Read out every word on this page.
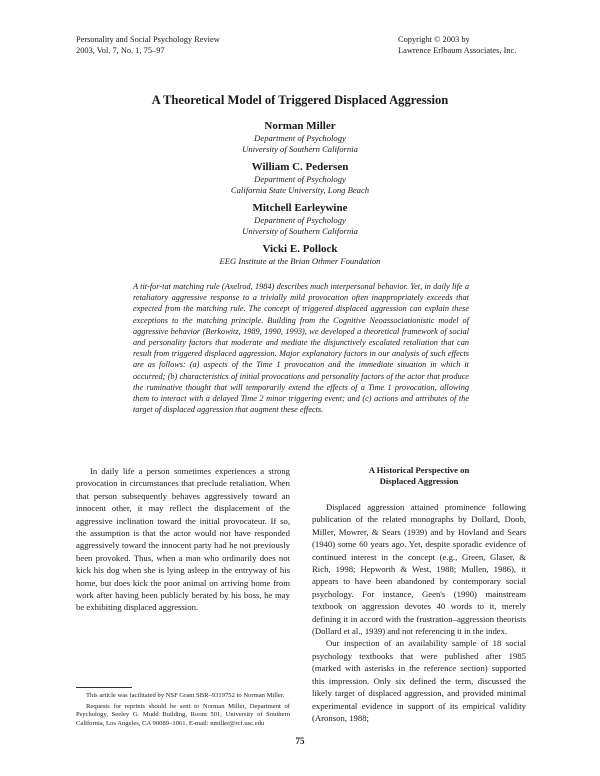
Personality and Social Psychology Review
2003, Vol. 7, No. 1, 75–97
Copyright © 2003 by
Lawrence Erlbaum Associates, Inc.
A Theoretical Model of Triggered Displaced Aggression
Norman Miller
Department of Psychology
University of Southern California
William C. Pedersen
Department of Psychology
California State University, Long Beach
Mitchell Earleywine
Department of Psychology
University of Southern California
Vicki E. Pollock
EEG Institute at the Brian Othmer Foundation
A tit-for-tat matching rule (Axelrod, 1984) describes much interpersonal behavior. Yet, in daily life a retaliatory aggressive response to a trivially mild provocation often inappropriately exceeds that expected from the matching rule. The concept of triggered displaced aggression can explain these exceptions to the matching principle. Building from the Cognitive Neoassociationistic model of aggressive behavior (Berkowitz, 1989, 1990, 1993), we developed a theoretical framework of social and personality factors that moderate and mediate the disjunctively escalated retaliation that can result from triggered displaced aggression. Major explanatory factors in our analysis of such effects are as follows: (a) aspects of the Time 1 provocation and the immediate situation in which it occurred; (b) characteristics of initial provocations and personality factors of the actor that produce the ruminative thought that will temporarily extend the effects of a Time 1 provocation, allowing them to interact with a delayed Time 2 minor triggering event; and (c) actions and attributes of the target of displaced aggression that augment these effects.

In daily life a person sometimes experiences a strong provocation in circumstances that preclude retaliation. When that person subsequently behaves aggressively toward an innocent other, it may reflect the displacement of the aggressive inclination toward the initial provocateur. If so, the assumption is that the actor would not have responded aggressively toward the innocent party had he not previously been provoked. Thus, when a man who ordinarily does not kick his dog when she is lying asleep in the entryway of his home, but does kick the poor animal on arriving home from work after having been publicly berated by his boss, he may be exhibiting displaced aggression.

A Historical Perspective on
Displaced Aggression

Displaced aggression attained prominence following publication of the related monographs by Dollard, Doob, Miller, Mowrer, & Sears (1939) and by Hovland and Sears (1940) some 60 years ago. Yet, despite sporadic evidence of continued interest in the concept (e.g., Green, Glaser, & Rich, 1998; Hepworth & West, 1988; Mullen, 1986), it appears to have been abandoned by contemporary social psychology. For instance, Geen's (1990) mainstream textbook on aggression devotes 40 words to it, merely defining it in accord with the frustration–aggression theorists (Dollard et al., 1939) and not referencing it in the index.

Our inspection of an availability sample of 18 social psychology textbooks that were published after 1985 (marked with asterisks in the reference section) supported this impression. Only six defined the term, discussed the likely target of displaced aggression, and provided minimal experimental evidence in support of its empirical validity (Aronson, 1988;

This article was facilitated by NSF Grant SBR–9319752 to Norman Miller.

Requests for reprints should be sent to Norman Miller, Department of Psychology, Seeley G. Mudd Building, Room 501, University of Southern California, Los Angeles, CA 90089–1061. E-mail: nmiller@rcf.usc.edu

75
